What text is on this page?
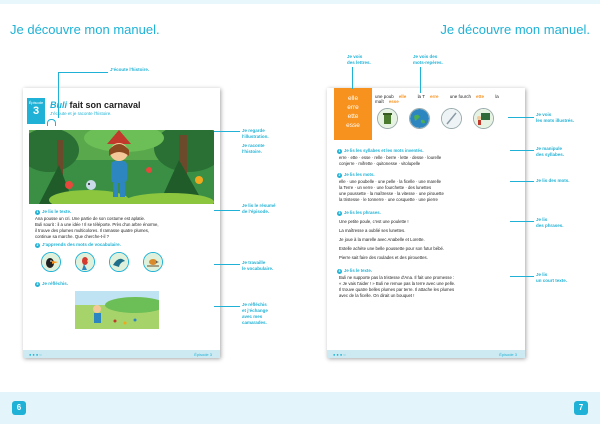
Je découvre mon manuel.	Je découvre mon manuel.
Épisode
3	Buli fait son carnaval
J'écoute et je raconte l'histoire.
1 Je lis le texte.
Ana pousse un cri. Une partie de son costume est aplatie.
Buli sourit : il a une idée ! Il se téléporte. Près d'un arbre énorme,
il trouve des plumes multicolores. Il ramasse quatre plumes,
continue sa marche. Que cherche-t-il ?
2 J'apprends des mots de vocabulaire.
3 Je réfléchis.
●●●○	Épisode 3
J'écoute l'histoire.
Je regarde
l'illustration.
Je raconte
l'histoire.
Je lis le résumé
de l'épisode.
Je travaille
le vocabulaire.
Je réfléchis
et j'échange
avec mes
camarades.
elle
erre
ette
esse
une poub elle	la T erre	une fourch ette	la maît esse
1 Je lis les syllabes et les mots inventés.
erre · ette · esse · relle · berre · lette · desse · lourelle
conjerre · mifrette · quitonesse · vitolupelle
2 Je lis les mots.
elle · une poubelle · une pelle · la ficelle · une marelle
la Terre · un verre · une fourchette · des lunettes
une poussette · la maîtresse · la vitesse · une pirouette
la tristesse · le tonnerre · une cosquette · une pierre
3 Je lis les phrases.
Une petite poule, c'est une poulette !
La maîtresse a oublié ses lunettes.
Je joue à la marelle avec Anabelle et Lorette.
Estelle achète une belle poussette pour son futur bébé.
Pierre sait faire des roulades et des pirouettes.
4 Je lis le texte.
Buli ne supporte pas la tristesse d'Ana. Il fait une promesse :
« Je vais t'aider ! » Buli ne remue pas la terre avec une pelle.
Il trouve quatre belles plumes par terre. Il attache les plumes
avec de la ficelle. On dirait un bouquet !
●●●○	Épisode 3
Je vois
des lettres.
Je vois des
mots-repères.
Je vois
les mots illustrés.
Je manipule
des syllabes.
Je lis des mots.
Je lis
des phrases.
Je lis
un court texte.
6	7
